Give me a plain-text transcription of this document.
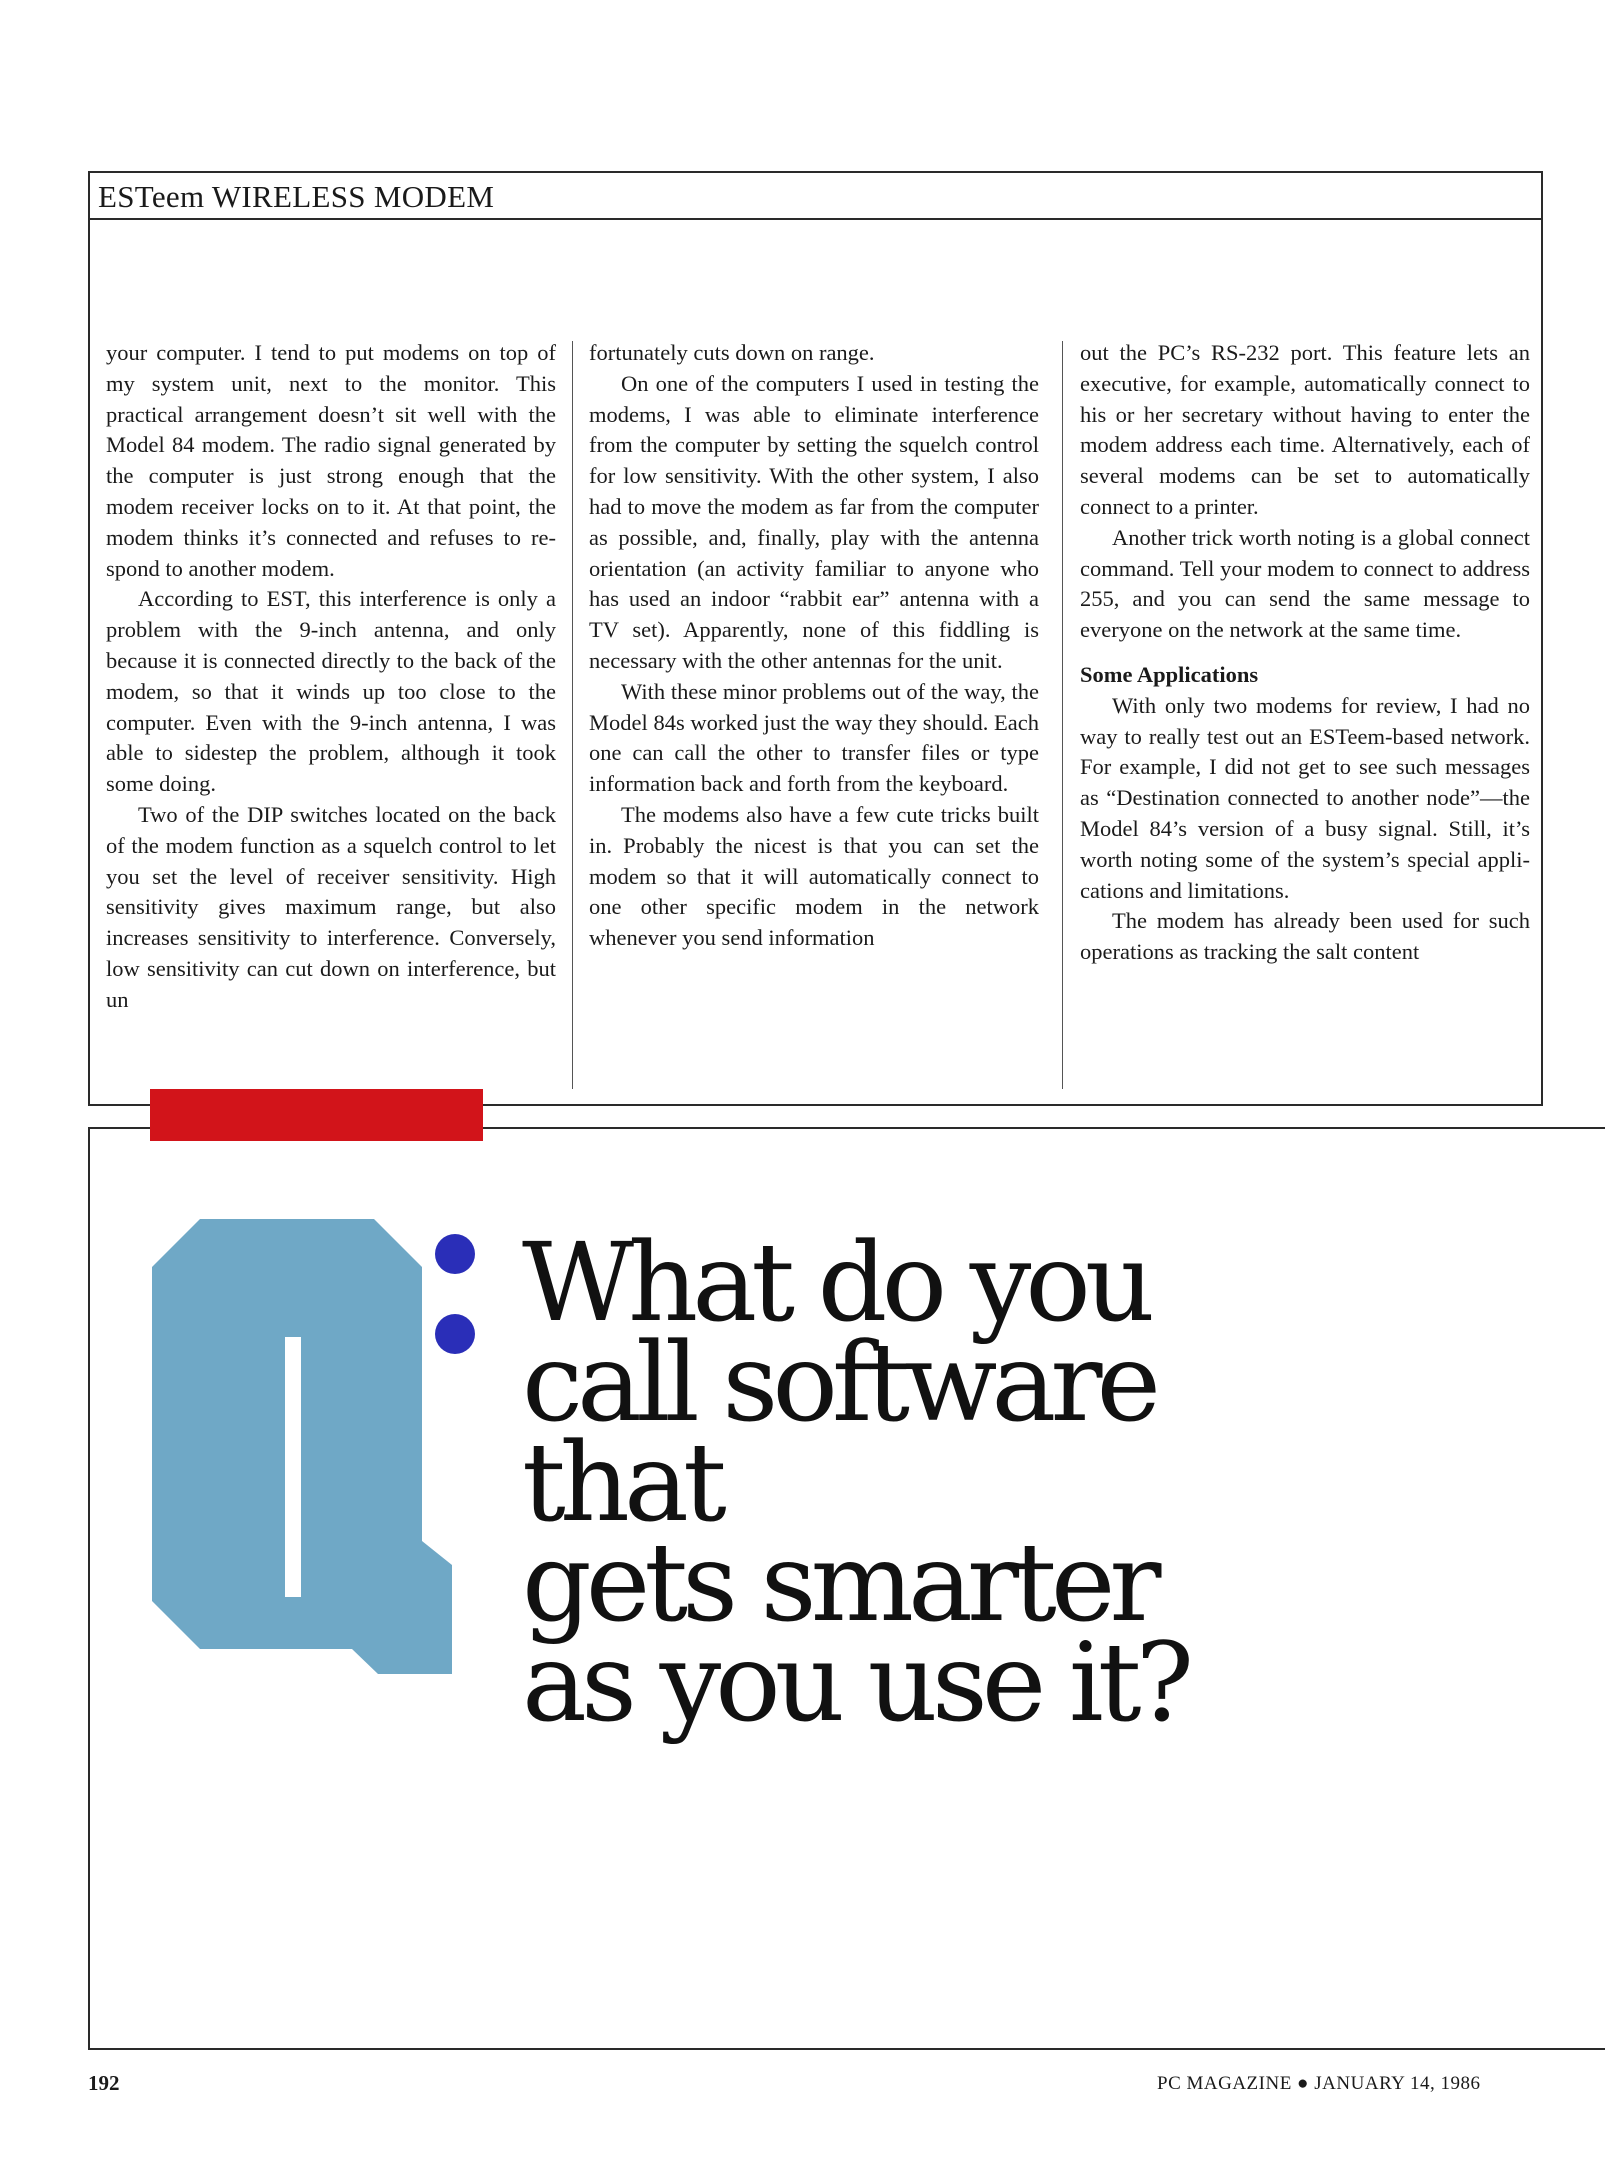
ESTeem WIRELESS MODEM

your computer. I tend to put modems on top of my system unit, next to the monitor. This practical arrangement doesn’t sit well with the Model 84 modem. The radio signal generated by the computer is just strong enough that the modem receiver locks on to it. At that point, the modem thinks it’s connected and refuses to respond to another modem.

According to EST, this interference is only a problem with the 9-inch antenna, and only because it is connected directly to the back of the modem, so that it winds up too close to the computer. Even with the 9-inch antenna, I was able to sidestep the problem, although it took some doing.

Two of the DIP switches located on the back of the modem function as a squelch control to let you set the level of receiver sensitivity. High sensitivity gives maximum range, but also increases sensitivity to interference. Conversely, low sensitivity can cut down on interference, but un

fortunately cuts down on range.

On one of the computers I used in testing the modems, I was able to eliminate interference from the computer by setting the squelch control for low sensitivity. With the other system, I also had to move the modem as far from the computer as possible, and, finally, play with the antenna orientation (an activity familiar to anyone who has used an indoor “rabbit ear” antenna with a TV set). Apparently, none of this fiddling is necessary with the other antennas for the unit.

With these minor problems out of the way, the Model 84s worked just the way they should. Each one can call the other to transfer files or type information back and forth from the keyboard.

The modems also have a few cute tricks built in. Probably the nicest is that you can set the modem so that it will automatically connect to one other specific modem in the network whenever you send information

out the PC’s RS-232 port. This feature lets an executive, for example, automatically connect to his or her secretary without having to enter the modem address each time. Alternatively, each of several modems can be set to automatically connect to a printer.

Another trick worth noting is a global connect command. Tell your modem to connect to address 255, and you can send the same message to everyone on the network at the same time.

Some Applications

With only two modems for review, I had no way to really test out an ESTeem-based network. For example, I did not get to see such messages as “Destination connected to another node”—the Model 84’s version of a busy signal. Still, it’s worth noting some of the system’s special applications and limitations.

The modem has already been used for such operations as tracking the salt content

What do you
call software
that
gets smarter
as you use it?
192	PC MAGAZINE ● JANUARY 14, 1986
